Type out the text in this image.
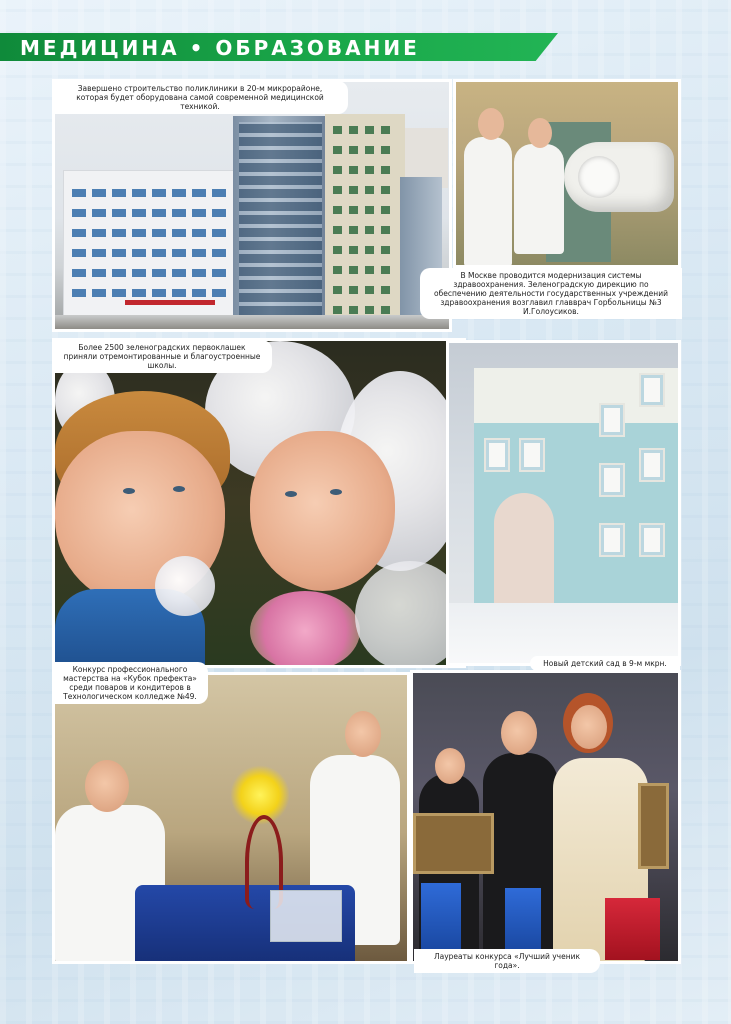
МЕДИЦИНА • ОБРАЗОВАНИЕ
Завершено строительство поликлиники в 20-м микрорайоне, которая будет оборудована самой современной медицинской техникой.
В Москве проводится модернизация системы здравоохранения. Зеленоградскую дирекцию по обеспечению деятельности государственных учреждений здравоохранения возглавил главврач Горбольницы №3 И.Голоусиков.
Более 2500 зеленоградских первоклашек приняли отремонтированные и благоустроенные школы.
Новый детский сад в 9-м мкрн.
Конкурс профессионального мастерства на «Кубок префекта» среди поваров и кондитеров в Технологическом колледже №49.
Лауреаты конкурса «Лучший ученик года».
